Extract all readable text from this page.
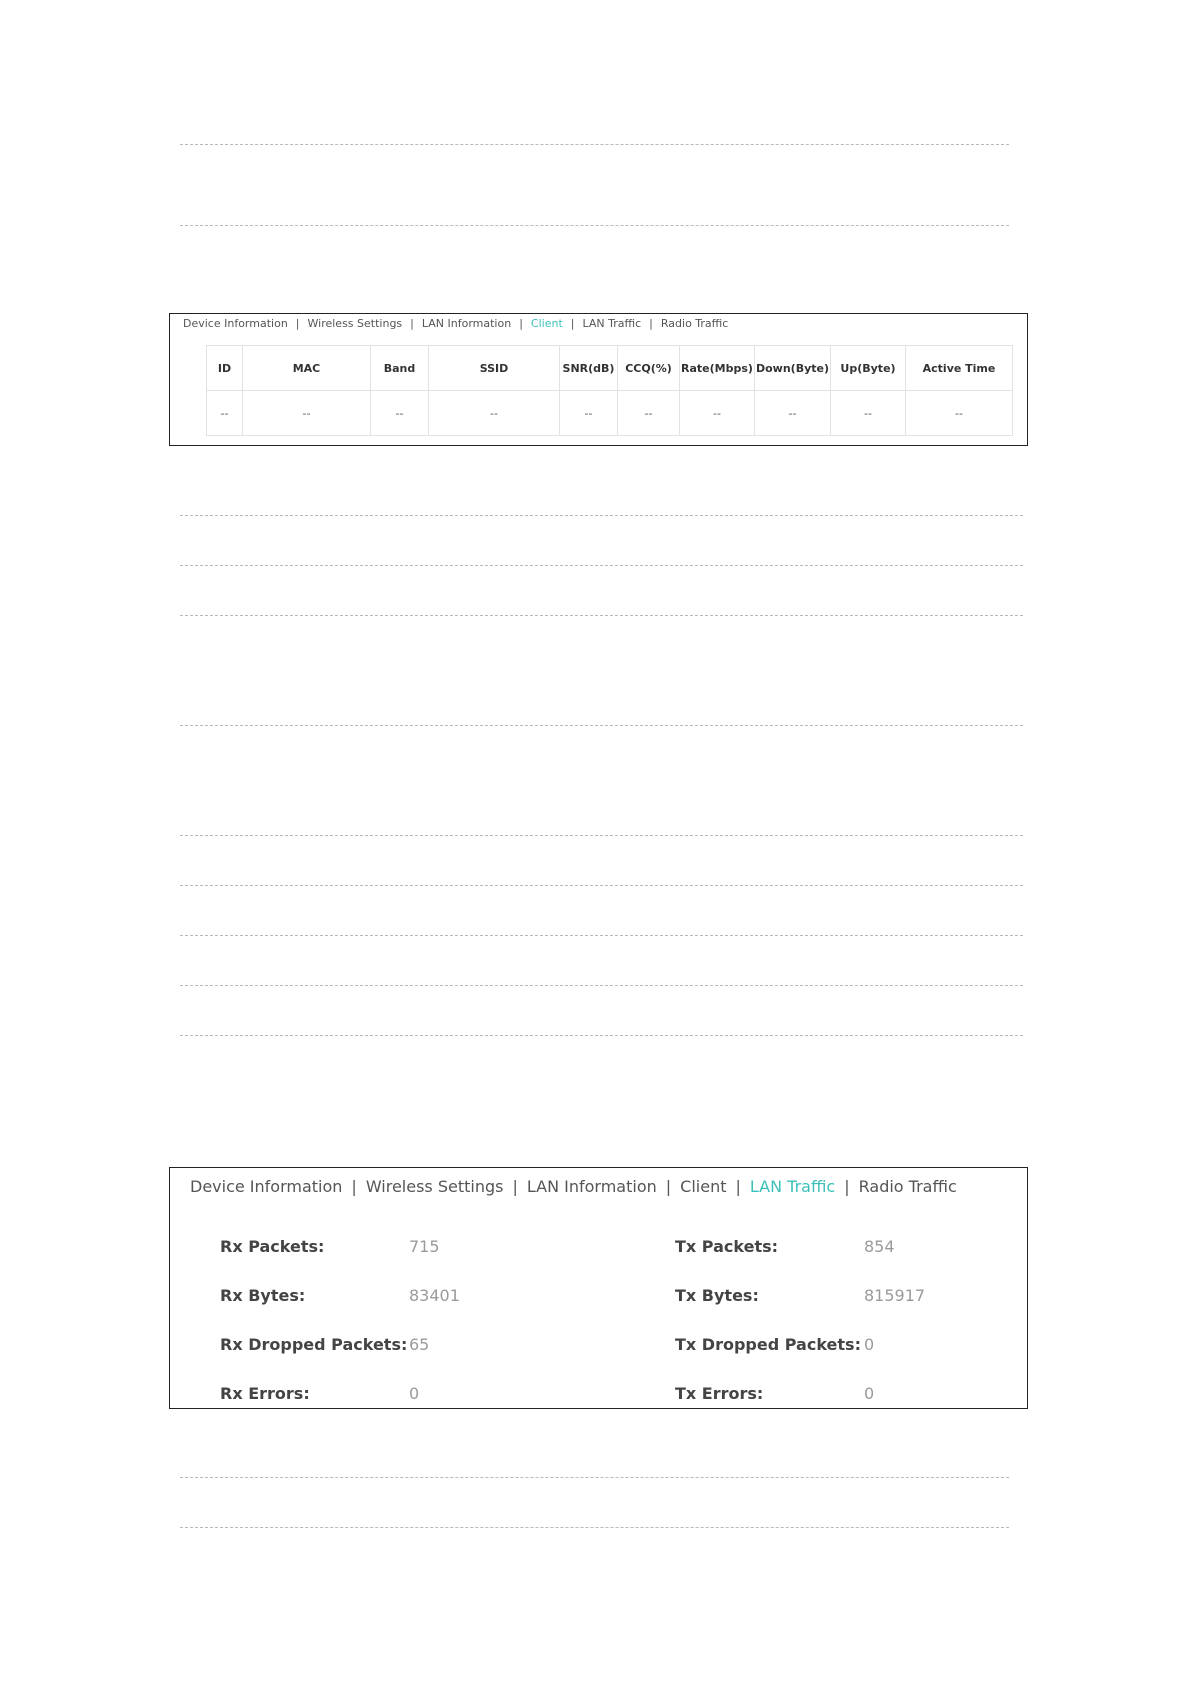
Device Information | Wireless Settings | LAN Information | Client | LAN Traffic | Radio Traffic
ID	MAC	Band	SSID	SNR(dB)	CCQ(%)	Rate(Mbps)	Down(Byte)	Up(Byte)	Active Time
--	--	--	--	--	--	--	--	--	--
Device Information | Wireless Settings | LAN Information | Client | LAN Traffic | Radio Traffic
Rx Packets:	715
Rx Bytes:	83401
Rx Dropped Packets: 65
Rx Errors:	0
Tx Packets:	854
Tx Bytes:	815917
Tx Dropped Packets: 0
Tx Errors:	0
